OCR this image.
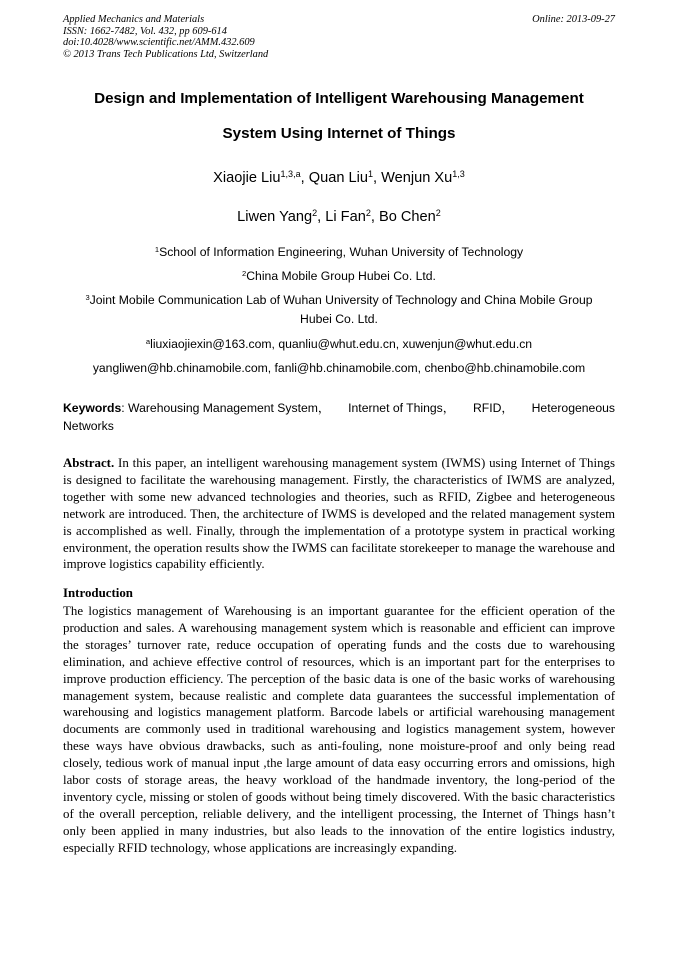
Applied Mechanics and Materials
ISSN: 1662-7482, Vol. 432, pp 609-614
doi:10.4028/www.scientific.net/AMM.432.609
© 2013 Trans Tech Publications Ltd, Switzerland
Online: 2013-09-27
Design and Implementation of Intelligent Warehousing Management
System Using Internet of Things
Xiaojie Liu$^{1,3,a}$, Quan Liu$^1$, Wenjun Xu$^{1,3}$
Liwen Yang$^2$, Li Fan$^2$, Bo Chen$^2$
$^1$School of Information Engineering, Wuhan University of Technology
$^2$China Mobile Group Hubei Co. Ltd.
$^3$Joint Mobile Communication Lab of Wuhan University of Technology and China Mobile Group
Hubei Co. Ltd.
$^a$liuxiaojiexin@163.com, quanliu@whut.edu.cn, xuwenjun@whut.edu.cn
yangliwen@hb.chinamobile.com, fanli@hb.chinamobile.com, chenbo@hb.chinamobile.com
Keywords: Warehousing Management System， Internet of Things， RFID， Heterogeneous
Networks
Abstract. In this paper, an intelligent warehousing management system (IWMS) using Internet of Things is designed to facilitate the warehousing management. Firstly, the characteristics of IWMS are analyzed, together with some new advanced technologies and theories, such as RFID, Zigbee and heterogeneous network are introduced. Then, the architecture of IWMS is developed and the related management system is accomplished as well. Finally, through the implementation of a prototype system in practical working environment, the operation results show the IWMS can facilitate storekeeper to manage the warehouse and improve logistics capability efficiently.
Introduction
The logistics management of Warehousing is an important guarantee for the efficient operation of the production and sales. A warehousing management system which is reasonable and efficient can improve the storages’ turnover rate, reduce occupation of operating funds and the costs due to warehousing elimination, and achieve effective control of resources, which is an important part for the enterprises to improve production efficiency. The perception of the basic data is one of the basic works of warehousing management system, because realistic and complete data guarantees the successful implementation of warehousing and logistics management platform. Barcode labels or artificial warehousing management documents are commonly used in traditional warehousing and logistics management system, however these ways have obvious drawbacks, such as anti-fouling, none moisture-proof and only being read closely, tedious work of manual input ,the large amount of data easy occurring errors and omissions, high labor costs of storage areas, the heavy workload of the handmade inventory, the long-period of the inventory cycle, missing or stolen of goods without being timely discovered. With the basic characteristics of the overall perception, reliable delivery, and the intelligent processing, the Internet of Things hasn’t only been applied in many industries, but also leads to the innovation of the entire logistics industry, especially RFID technology, whose applications are increasingly expanding.
